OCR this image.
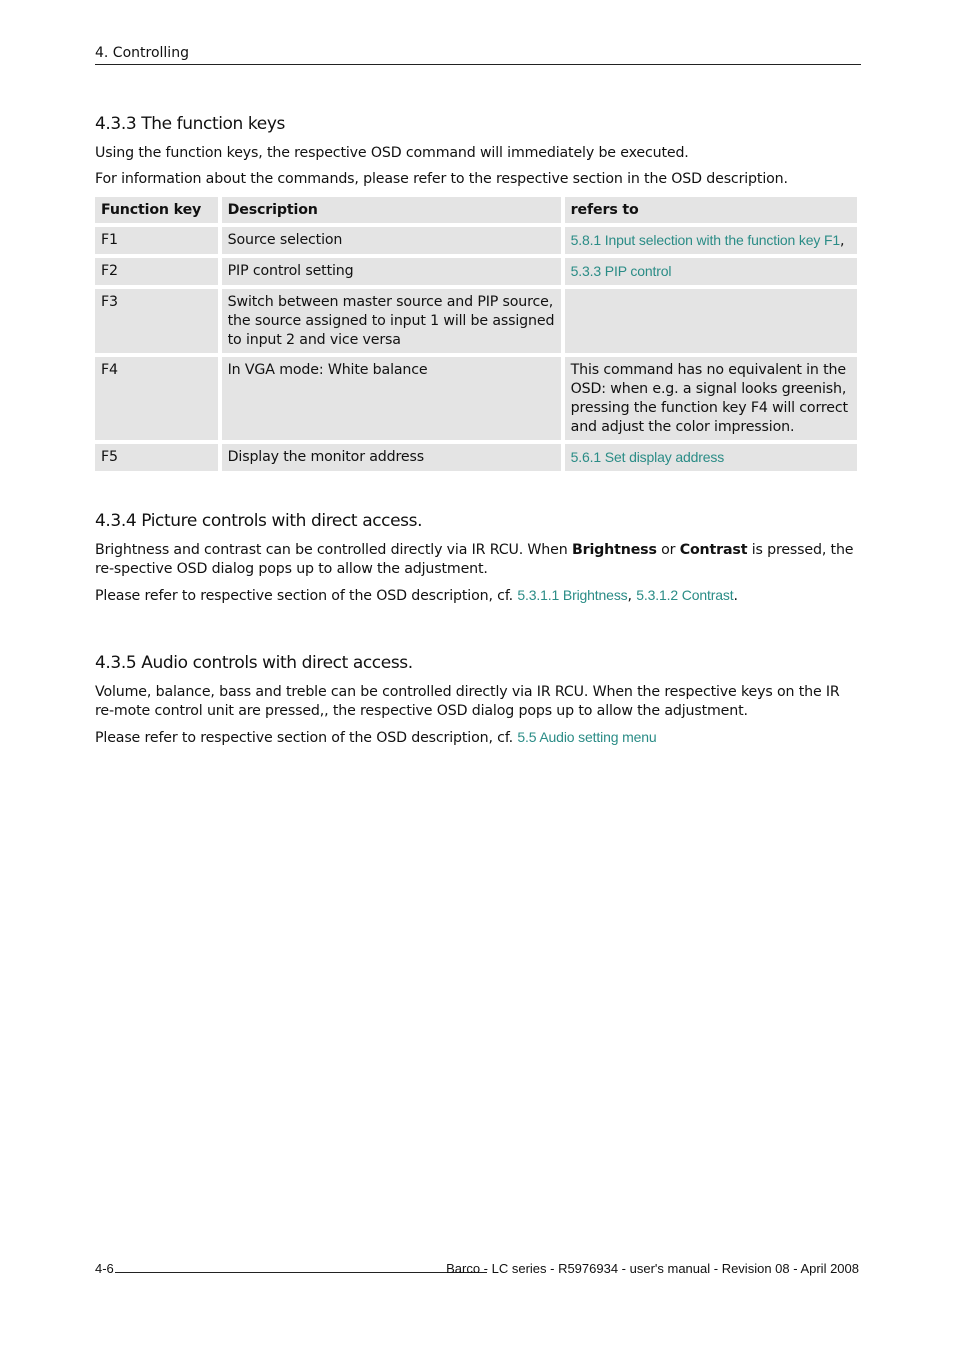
4. Controlling
4.3.3 The function keys

Using the function keys, the respective OSD command will immediately be executed.

For information about the commands, please refer to the respective section in the OSD description.

Function key	Description	refers to
F1	Source selection	5.8.1 Input selection with the function key F1,
F2	PIP control setting	5.3.3 PIP control
F3	Switch between master source and PIP source, the source assigned to input 1 will be assigned to input 2 and vice versa	
F4	In VGA mode: White balance	This command has no equivalent in the OSD: when e.g. a signal looks greenish, pressing the function key F4 will correct and adjust the color impression.
F5	Display the monitor address	5.6.1 Set display address
4.3.4 Picture controls with direct access.

Brightness and contrast can be controlled directly via IR RCU. When Brightness or Contrast is pressed, the re-spective OSD dialog pops up to allow the adjustment.

Please refer to respective section of the OSD description, cf. 5.3.1.1 Brightness, 5.3.1.2 Contrast.

4.3.5 Audio controls with direct access.

Volume, balance, bass and treble can be controlled directly via IR RCU. When the respective keys on the IR re-mote control unit are pressed,, the respective OSD dialog pops up to allow the adjustment.

Please refer to respective section of the OSD description, cf. 5.5 Audio setting menu

4-6	Barco - LC series - R5976934 - user's manual - Revision 08 - April 2008
